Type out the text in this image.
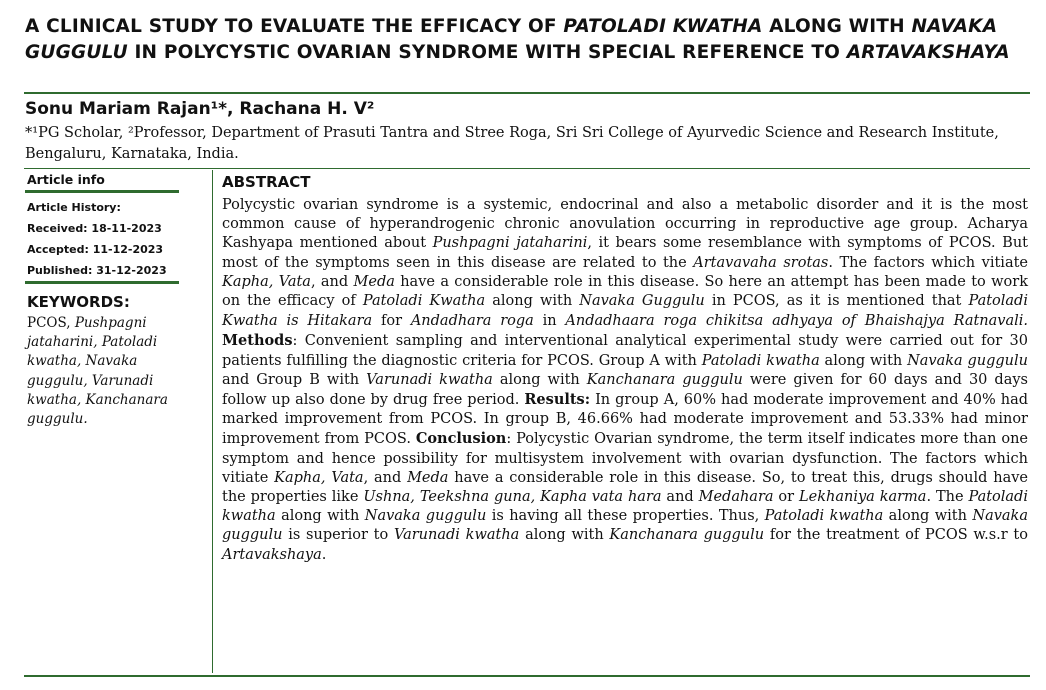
A CLINICAL STUDY TO EVALUATE THE EFFICACY OF PATOLADI KWATHA ALONG WITH NAVAKA GUGGULU IN POLYCYSTIC OVARIAN SYNDROME WITH SPECIAL REFERENCE TO ARTAVAKSHAYA
Sonu Mariam Rajan¹*, Rachana H. V²
*¹PG Scholar, ²Professor, Department of Prasuti Tantra and Stree Roga, Sri Sri College of Ayurvedic Science and Research Institute, Bengaluru, Karnataka, India.
Article info
Article History:
Received: 18-11-2023
Accepted: 11-12-2023
Published: 31-12-2023
KEYWORDS:
PCOS, Pushpagni jataharini, Patoladi kwatha, Navaka guggulu, Varunadi kwatha, Kanchanara guggulu.
ABSTRACT
Polycystic ovarian syndrome is a systemic, endocrinal and also a metabolic disorder and it is the most common cause of hyperandrogenic chronic anovulation occurring in reproductive age group. Acharya Kashyapa mentioned about Pushpagni jataharini, it bears some resemblance with symptoms of PCOS. But most of the symptoms seen in this disease are related to the Artavavaha srotas. The factors which vitiate Kapha, Vata, and Meda have a considerable role in this disease. So here an attempt has been made to work on the efficacy of Patoladi Kwatha along with Navaka Guggulu in PCOS, as it is mentioned that Patoladi Kwatha is Hitakara for Andadhara roga in Andadhaara roga chikitsa adhyaya of Bhaishajya Ratnavali. Methods: Convenient sampling and interventional analytical experimental study were carried out for 30 patients fulfilling the diagnostic criteria for PCOS. Group A with Patoladi kwatha along with Navaka guggulu and Group B with Varunadi kwatha along with Kanchanara guggulu were given for 60 days and 30 days follow up also done by drug free period. Results: In group A, 60% had moderate improvement and 40% had marked improvement from PCOS. In group B, 46.66% had moderate improvement and 53.33% had minor improvement from PCOS. Conclusion: Polycystic Ovarian syndrome, the term itself indicates more than one symptom and hence possibility for multisystem involvement with ovarian dysfunction. The factors which vitiate Kapha, Vata, and Meda have a considerable role in this disease. So, to treat this, drugs should have the properties like Ushna, Teekshna guna, Kapha vata hara and Medahara or Lekhaniya karma. The Patoladi kwatha along with Navaka guggulu is having all these properties. Thus, Patoladi kwatha along with Navaka guggulu is superior to Varunadi kwatha along with Kanchanara guggulu for the treatment of PCOS w.s.r to Artavakshaya.
